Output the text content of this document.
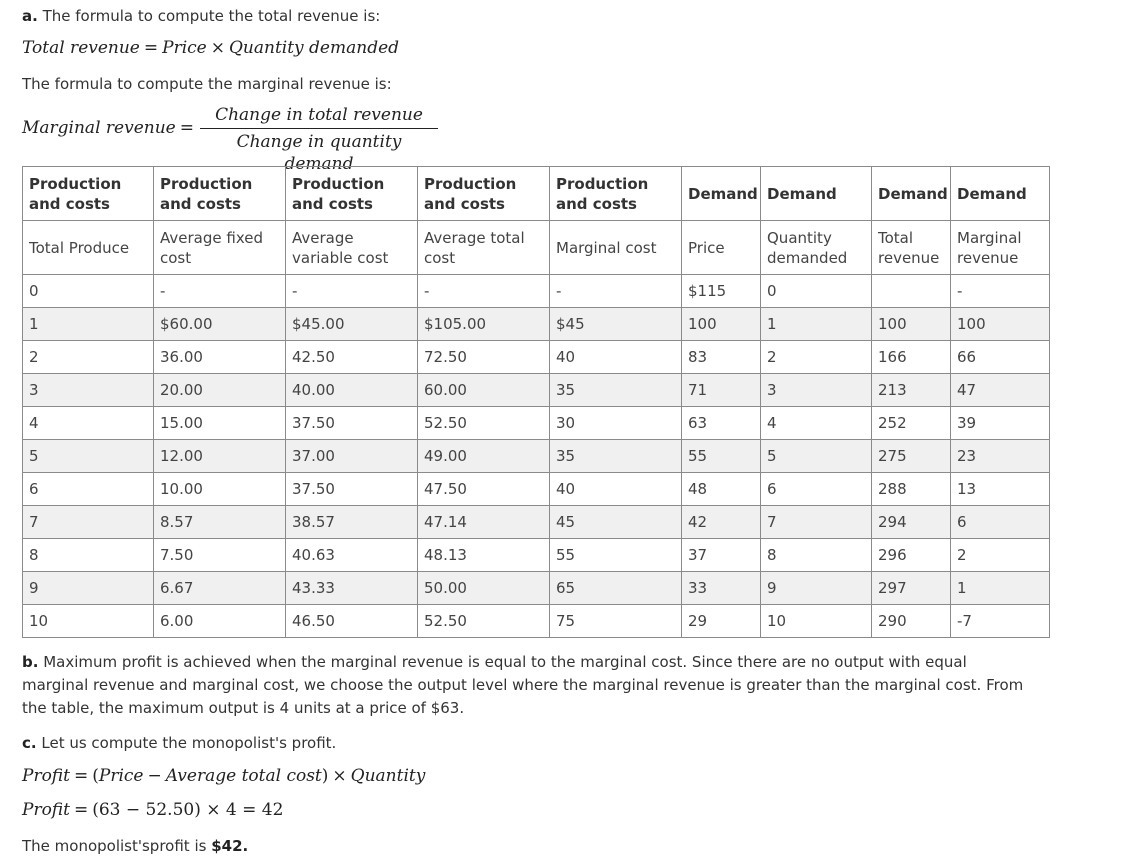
a. The formula to compute the total revenue is:
Total revenue = Price × Quantity demanded
The formula to compute the marginal revenue is:
Marginal revenue =
Change in total revenue
Change in quantity demand
Production and costs	Production and costs	Production and costs	Production and costs	Production and costs	Demand	Demand	Demand	Demand
Total Produce	Average fixed cost	Average variable cost	Average total cost	Marginal cost	Price	Quantity demanded	Total revenue	Marginal revenue
0	-	-	-	-	$115	0		-
1	$60.00	$45.00	$105.00	$45	100	1	100	100
2	36.00	42.50	72.50	40	83	2	166	66
3	20.00	40.00	60.00	35	71	3	213	47
4	15.00	37.50	52.50	30	63	4	252	39
5	12.00	37.00	49.00	35	55	5	275	23
6	10.00	37.50	47.50	40	48	6	288	13
7	8.57	38.57	47.14	45	42	7	294	6
8	7.50	40.63	48.13	55	37	8	296	2
9	6.67	43.33	50.00	65	33	9	297	1
10	6.00	46.50	52.50	75	29	10	290	-7
b. Maximum profit is achieved when the marginal revenue is equal to the marginal cost. Since there are no output with equal marginal revenue and marginal cost, we choose the output level where the marginal revenue is greater than the marginal cost. From the table, the maximum output is 4 units at a price of $63.
c. Let us compute the monopolist's profit.
Profit = (Price − Average total cost) × Quantity
Profit = (63 − 52.50) × 4 = 42
The monopolist'sprofit is $42.
